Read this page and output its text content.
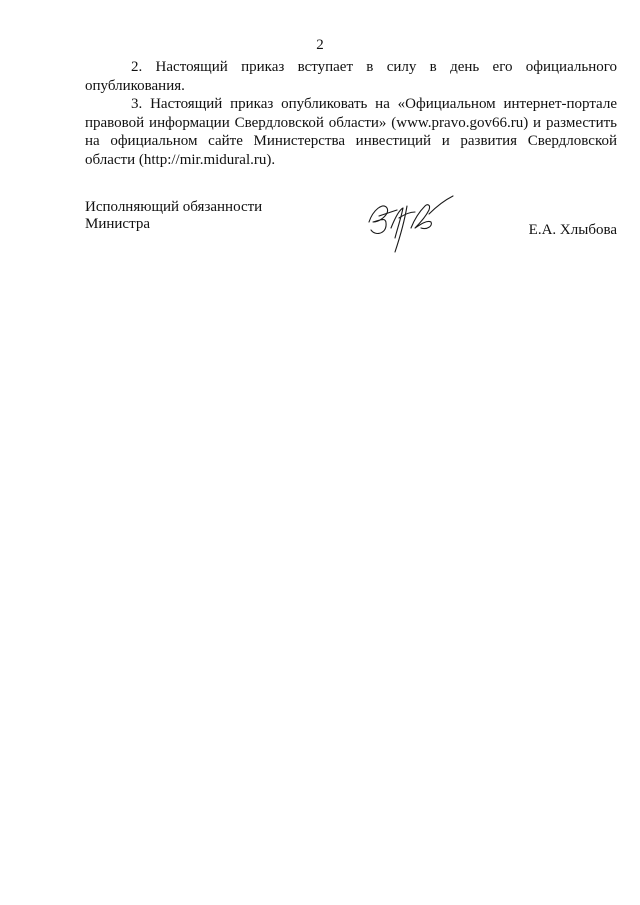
2

2. Настоящий приказ вступает в силу в день его официального опубликования.

3. Настоящий приказ опубликовать на «Официальном интернет-портале правовой информации Свердловской области» (www.pravo.gov66.ru) и разместить на официальном сайте Министерства инвестиций и развития Свердловской области (http://mir.midural.ru).

Исполняющий обязанности
Министра	Е.А. Хлыбова
